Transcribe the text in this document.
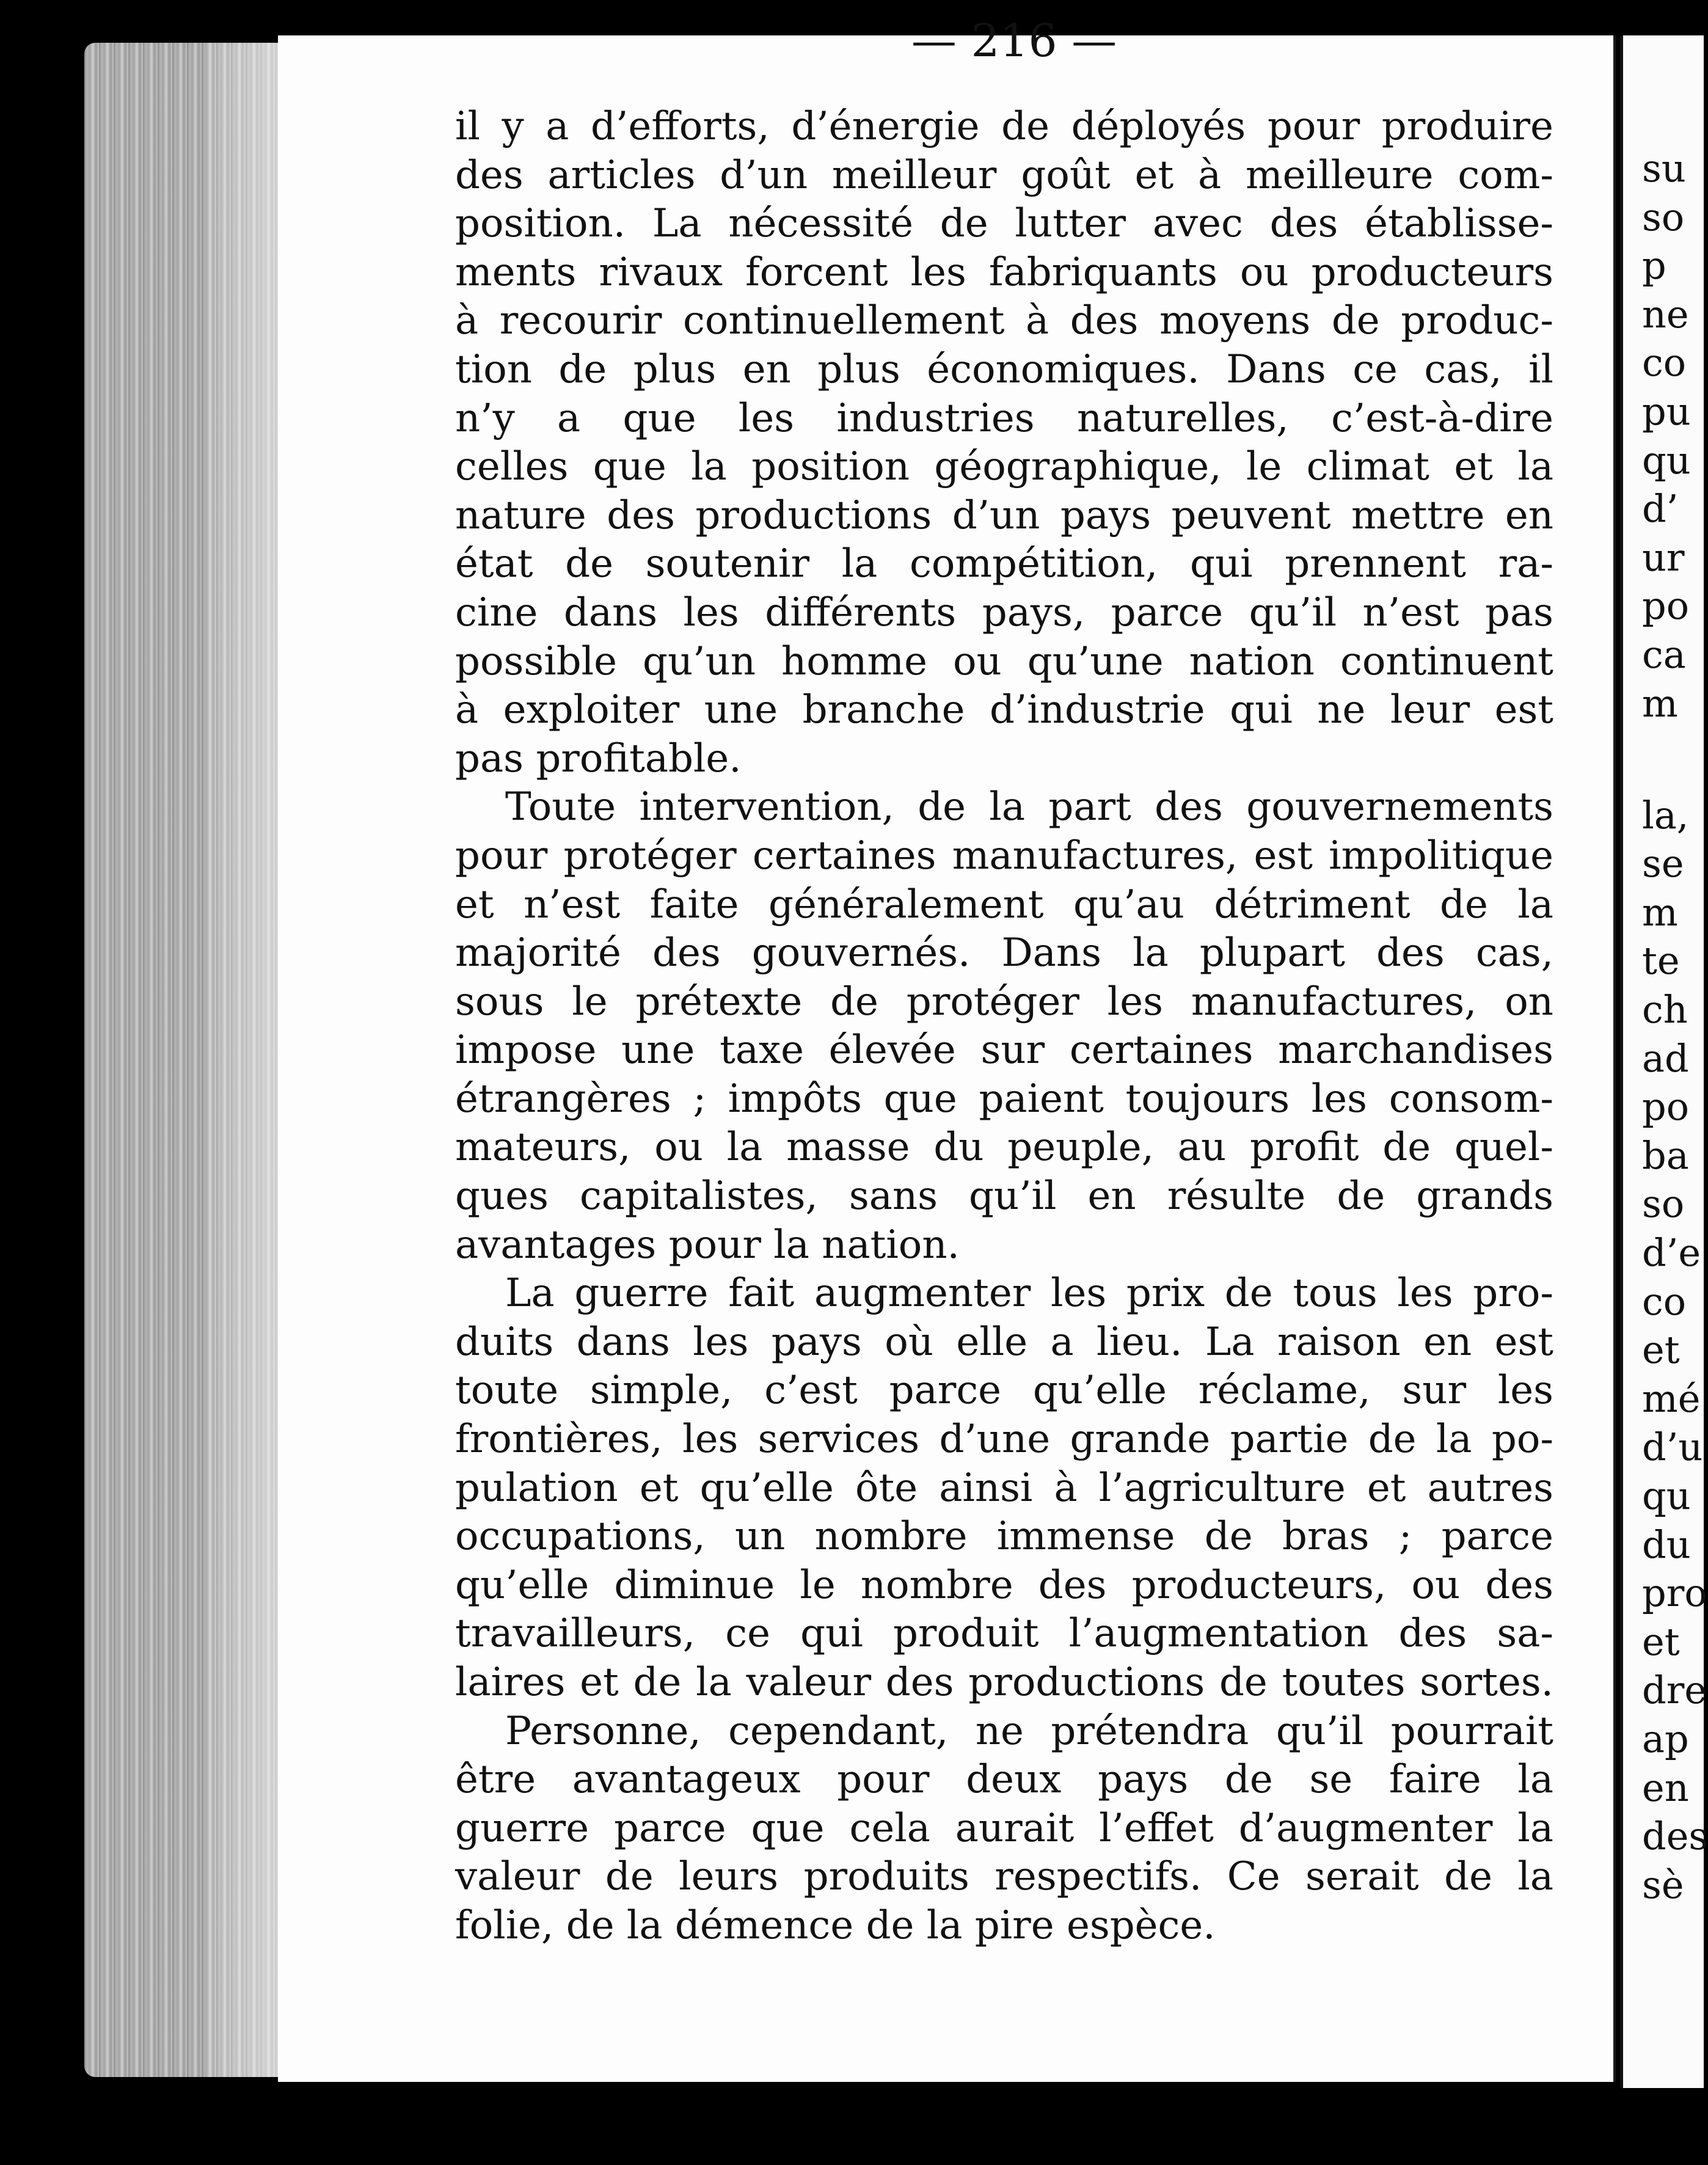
— 216 —

il y a d’efforts, d’énergie de déployés pour produire
des articles d’un meilleur goût et à meilleure com-
position. La nécessité de lutter avec des établisse-
ments rivaux forcent les fabriquants ou producteurs
à recourir continuellement à des moyens de produc-
tion de plus en plus économiques. Dans ce cas, il
n’y a que les industries naturelles, c’est-à-dire
celles que la position géographique, le climat et la
nature des productions d’un pays peuvent mettre en
état de soutenir la compétition, qui prennent ra-
cine dans les différents pays, parce qu’il n’est pas
possible qu’un homme ou qu’une nation continuent
à exploiter une branche d’industrie qui ne leur est
pas profitable.
Toute intervention, de la part des gouvernements
pour protéger certaines manufactures, est impolitique
et n’est faite généralement qu’au détriment de la
majorité des gouvernés. Dans la plupart des cas,
sous le prétexte de protéger les manufactures, on
impose une taxe élevée sur certaines marchandises
étrangères ; impôts que paient toujours les consom-
mateurs, ou la masse du peuple, au profit de quel-
ques capitalistes, sans qu’il en résulte de grands
avantages pour la nation.
La guerre fait augmenter les prix de tous les pro-
duits dans les pays où elle a lieu. La raison en est
toute simple, c’est parce qu’elle réclame, sur les
frontières, les services d’une grande partie de la po-
pulation et qu’elle ôte ainsi à l’agriculture et autres
occupations, un nombre immense de bras ; parce
qu’elle diminue le nombre des producteurs, ou des
travailleurs, ce qui produit l’augmentation des sa-
laires et de la valeur des productions de toutes sortes.
Personne, cependant, ne prétendra qu’il pourrait
être avantageux pour deux pays de se faire la
guerre parce que cela aurait l’effet d’augmenter la
valeur de leurs produits respectifs. Ce serait de la
folie, de la démence de la pire espèce.

su

so

p

ne

co

pu

qu

d’

ur

po

ca

m

la,

se

m

te

ch

ad

po

ba

so

d’e

co

et

mé

d’u

qu

du

pro

et

dre

ap

en

des

sè
